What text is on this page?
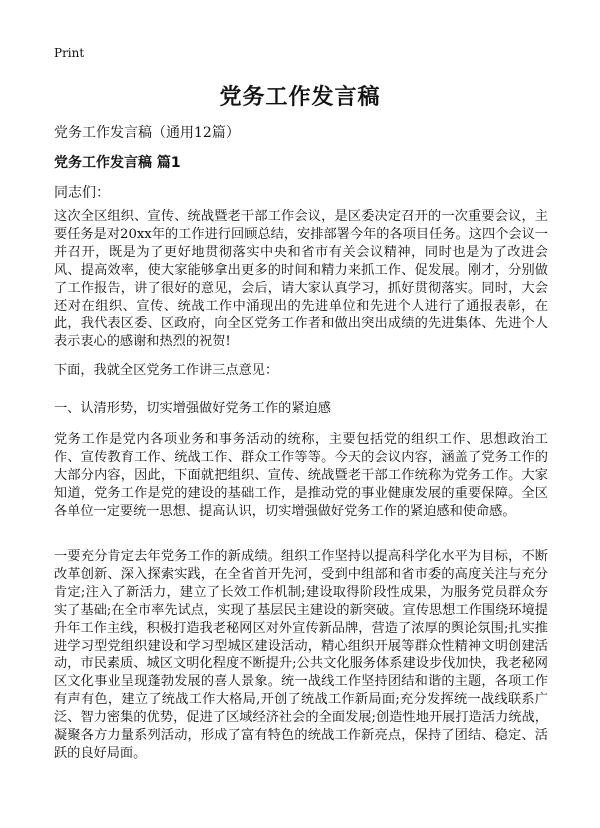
Print
党务工作发言稿
党务工作发言稿（通用12篇）
党务工作发言稿 篇1
同志们：

这次全区组织、宣传、统战暨老干部工作会议，是区委决定召开的一次重要会议，主要任务是对20xx年的工作进行回顾总结，安排部署今年的各项目任务。这四个会议一并召开，既是为了更好地贯彻落实中央和省市有关会议精神，同时也是为了改进会风、提高效率，使大家能够拿出更多的时间和精力来抓工作、促发展。刚才，分别做了工作报告，讲了很好的意见，会后，请大家认真学习，抓好贯彻落实。同时，大会还对在组织、宣传、统战工作中涌现出的先进单位和先进个人进行了通报表彰，在此，我代表区委、区政府，向全区党务工作者和做出突出成绩的先进集体、先进个人表示衷心的感谢和热烈的祝贺!

下面，我就全区党务工作讲三点意见：

一、认清形势，切实增强做好党务工作的紧迫感

党务工作是党内各项业务和事务活动的统称，主要包括党的组织工作、思想政治工作、宣传教育工作、统战工作、群众工作等等。今天的会议内容，涵盖了党务工作的大部分内容，因此，下面就把组织、宣传、统战暨老干部工作统称为党务工作。大家知道，党务工作是党的建设的基础工作，是推动党的事业健康发展的重要保障。全区各单位一定要统一思想、提高认识，切实增强做好党务工作的紧迫感和使命感。

一要充分肯定去年党务工作的新成绩。组织工作坚持以提高科学化水平为目标，不断改革创新、深入探索实践，在全省首开先河，受到中组部和省市委的高度关注与充分肯定;注入了新活力，建立了长效工作机制;建设取得阶段性成果，为服务党员群众夯实了基础;在全市率先试点，实现了基层民主建设的新突破。宣传思想工作围绕环境提升年工作主线，积极打造我老秘网区对外宣传新品牌，营造了浓厚的舆论氛围;扎实推进学习型党组织建设和学习型城区建设活动，精心组织开展等群众性精神文明创建活动，市民素质、城区文明化程度不断提升;公共文化服务体系建设步伐加快，我老秘网区文化事业呈现蓬勃发展的喜人景象。统一战线工作坚持团结和谐的主题，各项工作有声有色，建立了统战工作大格局,开创了统战工作新局面;充分发挥统一战线联系广泛、智力密集的优势，促进了区域经济社会的全面发展;创造性地开展打造活力统战，凝聚各方力量系列活动，形成了富有特色的统战工作新亮点，保持了团结、稳定、活跃的良好局面。
